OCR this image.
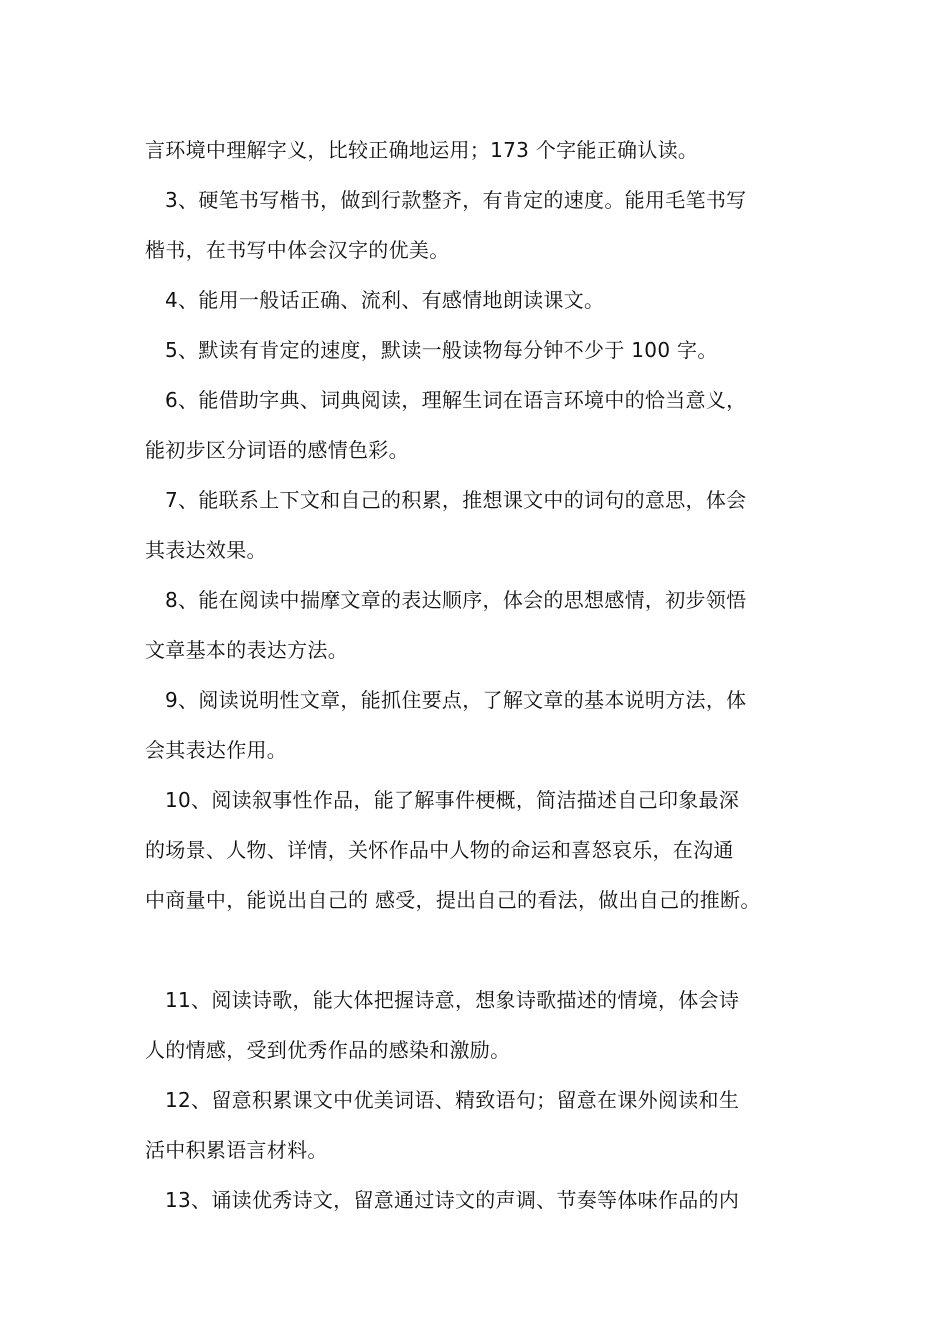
言环境中理解字义，比较正确地运用；173 个字能正确认读。
3、硬笔书写楷书，做到行款整齐，有肯定的速度。能用毛笔书写
楷书，在书写中体会汉字的优美。
4、能用一般话正确、流利、有感情地朗读课文。
5、默读有肯定的速度，默读一般读物每分钟不少于 100 字。
6、能借助字典、词典阅读，理解生词在语言环境中的恰当意义，
能初步区分词语的感情色彩。
7、能联系上下文和自己的积累，推想课文中的词句的意思，体会
其表达效果。
8、能在阅读中揣摩文章的表达顺序，体会的思想感情，初步领悟
文章基本的表达方法。
9、阅读说明性文章，能抓住要点，了解文章的基本说明方法，体
会其表达作用。
10、阅读叙事性作品，能了解事件梗概，简洁描述自己印象最深
的场景、人物、详情，关怀作品中人物的命运和喜怒哀乐，在沟通
中商量中，能说出自己的 感受，提出自己的看法，做出自己的推断。
11、阅读诗歌，能大体把握诗意，想象诗歌描述的情境，体会诗
人的情感，受到优秀作品的感染和激励。
12、留意积累课文中优美词语、精致语句；留意在课外阅读和生
活中积累语言材料。
13、诵读优秀诗文，留意通过诗文的声调、节奏等体味作品的内
